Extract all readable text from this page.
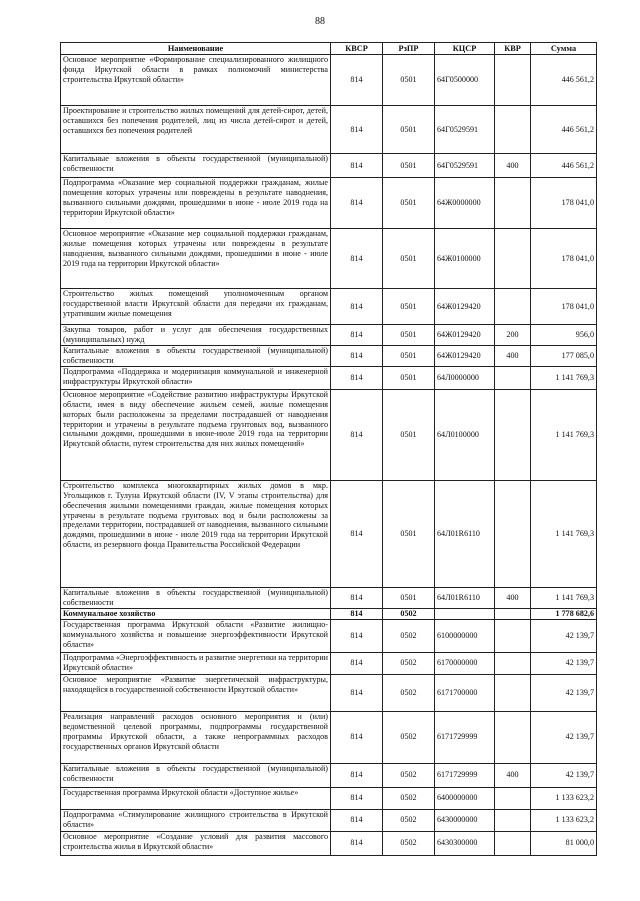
88
Наименование	КВСР	РзПР	КЦСР	КВР	Сумма
Основное мероприятие «Формирование специализированного жилищного фонда Иркутской области в рамках полномочий министерства строительства Иркутской области»	814	0501	64Г0500000		446 561,2
Проектирование и строительство жилых помещений для детей-сирот, детей, оставшихся без попечения родителей, лиц из числа детей-сирот и детей, оставшихся без попечения родителей	814	0501	64Г0529591		446 561,2
Капитальные вложения в объекты государственной (муниципальной) собственности	814	0501	64Г0529591	400	446 561,2
Подпрограмма «Оказание мер социальной поддержки гражданам, жилые помещения которых утрачены или повреждены в результате наводнения, вызванного сильными дождями, прошедшими в июне - июле 2019 года на территории Иркутской области»	814	0501	64Ж0000000		178 041,0
Основное мероприятие «Оказание мер социальной поддержки гражданам, жилые помещения которых утрачены или повреждены в результате наводнения, вызванного сильными дождями, прошедшими в июне - июле 2019 года на территории Иркутской области»	814	0501	64Ж0100000		178 041,0
Строительство жилых помещений уполномоченным органом государственной власти Иркутской области для передачи их гражданам, утратившим жилые помещения	814	0501	64Ж0129420		178 041,0
Закупка товаров, работ и услуг для обеспечения государственных (муниципальных) нужд	814	0501	64Ж0129420	200	956,0
Капитальные вложения в объекты государственной (муниципальной) собственности	814	0501	64Ж0129420	400	177 085,0
Подпрограмма «Поддержка и модернизация коммунальной и инженерной инфраструктуры Иркутской области»	814	0501	64Л0000000		1 141 769,3
Основное мероприятие «Содействие развитию инфраструктуры Иркутской области, имея в виду обеспечение жильем семей, жилые помещения которых были расположены за пределами пострадавшей от наводнения территории и утрачены в результате подъема грунтовых вод, вызванного сильными дождями, прошедшими в июне-июле 2019 года на территории Иркутской области, путем строительства для них жилых помещений»	814	0501	64Л0100000		1 141 769,3
Строительство комплекса многоквартирных жилых домов в мкр. Угольщиков г. Тулуна Иркутской области (IV, V этапы строительства) для обеспечения жилыми помещениями граждан, жилые помещения которых утрачены в результате подъема грунтовых вод и были расположены за пределами территории, пострадавшей от наводнения, вызванного сильными дождями, прошедшими в июне - июле 2019 года на территории Иркутской области, из резервного фонда Правительства Российской Федерации	814	0501	64Л01R6110		1 141 769,3
Капитальные вложения в объекты государственной (муниципальной) собственности	814	0501	64Л01R6110	400	1 141 769,3
Коммунальное хозяйство	814	0502			1 778 682,6
Государственная программа Иркутской области «Развитие жилищно-коммунального хозяйства и повышение энергоэффективности Иркутской области»	814	0502	6100000000		42 139,7
Подпрограмма «Энергоэффективность и развитие энергетики на территории Иркутской области»	814	0502	6170000000		42 139,7
Основное мероприятие «Развитие энергетической инфраструктуры, находящейся в государственной собственности Иркутской области»	814	0502	6171700000		42 139,7
Реализация направлений расходов основного мероприятия и (или) ведомственной целевой программы, подпрограммы государственной программы Иркутской области, а также непрограммных расходов государственных органов Иркутской области	814	0502	6171729999		42 139,7
Капитальные вложения в объекты государственной (муниципальной) собственности	814	0502	6171729999	400	42 139,7
Государственная программа Иркутской области «Доступное жилье»	814	0502	6400000000		1 133 623,2
Подпрограмма «Стимулирование жилищного строительства в Иркутской области»	814	0502	6430000000		1 133 623,2
Основное мероприятие «Создание условий для развития массового строительства жилья в Иркутской области»	814	0502	6430300000		81 000,0
